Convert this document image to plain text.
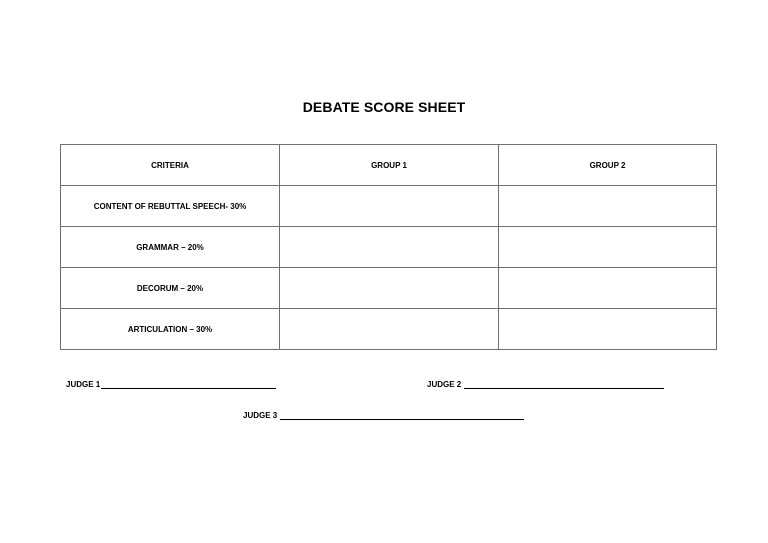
DEBATE SCORE SHEET
CRITERIA	GROUP 1	GROUP 2
CONTENT OF REBUTTAL SPEECH- 30%		
GRAMMAR – 20%		
DECORUM – 20%		
ARTICULATION – 30%		
JUDGE 1	JUDGE 2
JUDGE 3
